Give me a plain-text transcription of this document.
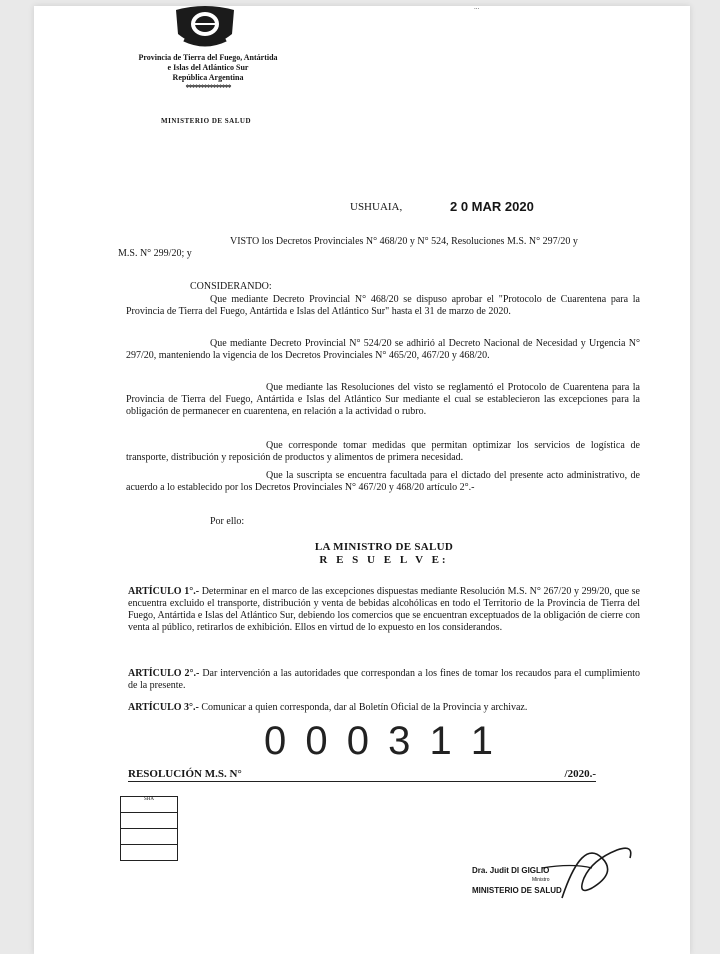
...
Provincia de Tierra del Fuego, Antártida
e Islas del Atlántico Sur
República Argentina
***************
MINISTERIO DE SALUD
USHUAIA,	2 0 MAR 2020
VISTO los Decretos Provinciales N° 468/20 y N° 524, Resoluciones M.S. N° 297/20 y
M.S. N° 299/20; y
CONSIDERANDO:
Que mediante Decreto Provincial N° 468/20 se dispuso aprobar el "Protocolo de Cuarentena para la Provincia de Tierra del Fuego, Antártida e Islas del Atlántico Sur" hasta el 31 de marzo de 2020.
Que mediante Decreto Provincial N° 524/20 se adhirió al Decreto Nacional de Necesidad y Urgencia N° 297/20, manteniendo la vigencia de los Decretos Provinciales N° 465/20, 467/20 y 468/20.
Que mediante las Resoluciones del visto se reglamentó el Protocolo de Cuarentena para la Provincia de Tierra del Fuego, Antártida e Islas del Atlántico Sur mediante el cual se establecieron las excepciones para la obligación de permanecer en cuarentena, en relación a la actividad o rubro.
Que corresponde tomar medidas que permitan optimizar los servicios de logística de transporte, distribución y reposición de productos y alimentos de primera necesidad.
Que la suscripta se encuentra facultada para el dictado del presente acto administrativo, de acuerdo a lo establecido por los Decretos Provinciales N° 467/20 y 468/20 artículo 2°.-
Por ello:
LA MINISTRO DE SALUD
R E S U E L V E:
ARTÍCULO 1°.- Determinar en el marco de las excepciones dispuestas mediante Resolución M.S. N° 267/20 y 299/20, que se encuentra excluido el transporte, distribución y venta de bebidas alcohólicas en todo el Territorio de la Provincia de Tierra del Fuego, Antártida e Islas del Atlántico Sur, debiendo los comercios que se encuentran exceptuados de la obligación de cierre con venta al público, retirarlos de exhibición. Ellos en virtud de lo expuesto en los considerandos.
ARTÍCULO 2°.- Dar intervención a las autoridades que correspondan a los fines de tomar los recaudos para el cumplimiento de la presente.
ARTÍCULO 3°.- Comunicar a quien corresponda, dar al Boletín Oficial de la Provincia y archivaz.
0 0 0 3 1 1
RESOLUCIÓN M.S. N°	/2020.-
SHA

Dra. Judit DI GIGLIO
Ministro
MINISTERIO DE SALUD
